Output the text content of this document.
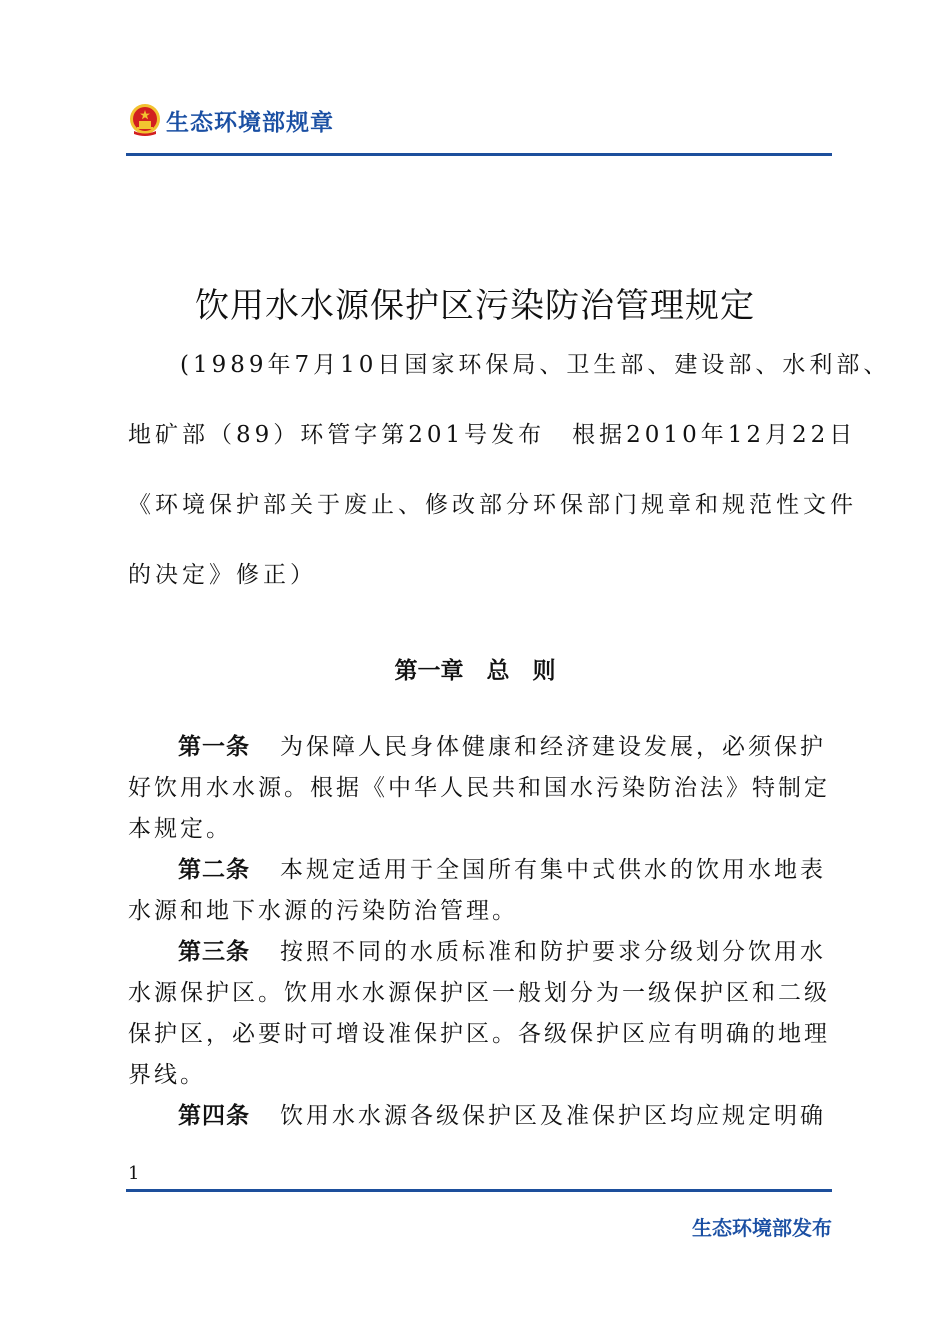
生态环境部规章
饮用水水源保护区污染防治管理规定
(1989年7月10日国家环保局、卫生部、建设部、水利部、
地矿部（89）环管字第201号发布　根据2010年12月22日
《环境保护部关于废止、修改部分环保部门规章和规范性文件
的决定》修正）
第一章　总　则
第一条 为保障人民身体健康和经济建设发展，必须保护
好饮用水水源。根据《中华人民共和国水污染防治法》特制定
本规定。
第二条 本规定适用于全国所有集中式供水的饮用水地表
水源和地下水源的污染防治管理。
第三条 按照不同的水质标准和防护要求分级划分饮用水
水源保护区。饮用水水源保护区一般划分为一级保护区和二级
保护区，必要时可增设准保护区。各级保护区应有明确的地理
界线。
第四条 饮用水水源各级保护区及准保护区均应规定明确
1
生态环境部发布
